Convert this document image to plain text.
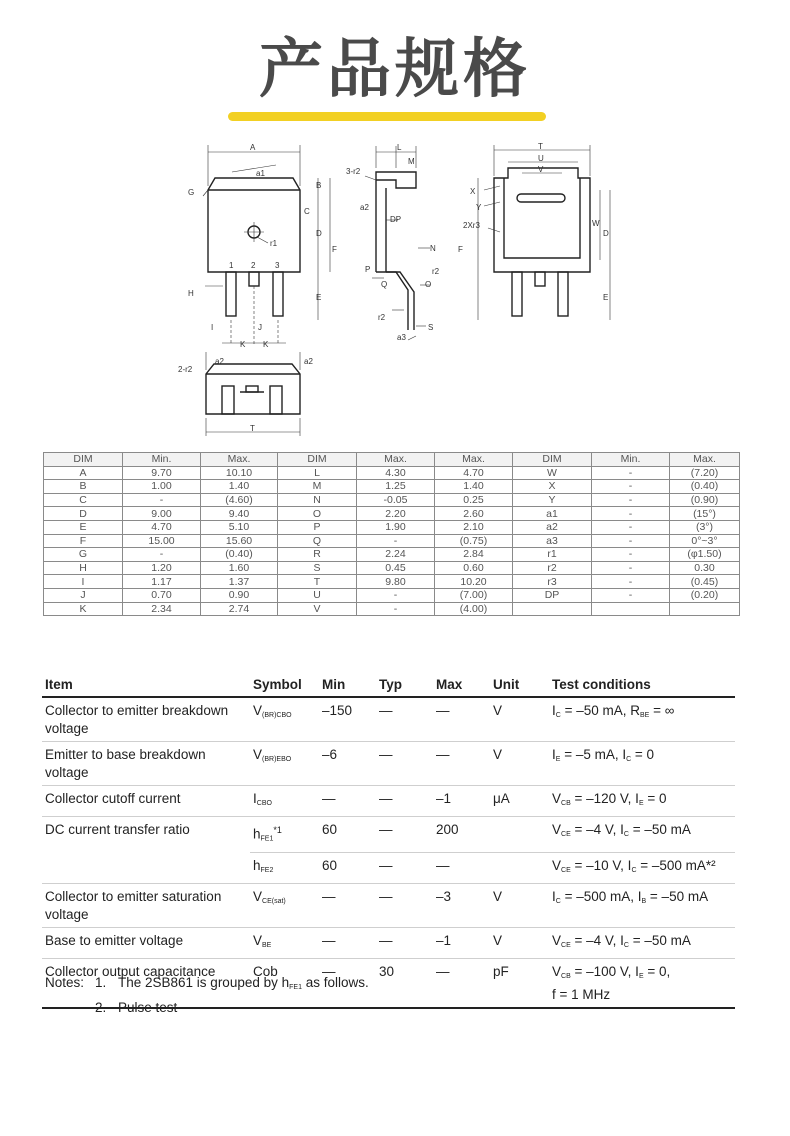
产品规格
A
a1
G
B
C
D
F
r1
1 2 3
H	E
I	J
K K
L
M
3-r2
a2
DP
N
P
Q
r2
O
r2
S
a3
T
U
V
X
Y
2Xr3	W
D
F
E
2-r2
a2	a2
T
DIM	Min.	Max.	DIM	Max.	Max.	DIM	Min.	Max.
A	9.70	10.10	L	4.30	4.70	W	-	(7.20)
B	1.00	1.40	M	1.25	1.40	X	-	(0.40)
C	-	(4.60)	N	-0.05	0.25	Y	-	(0.90)
D	9.00	9.40	O	2.20	2.60	a1	-	(15°)
E	4.70	5.10	P	1.90	2.10	a2	-	(3°)
F	15.00	15.60	Q	-	(0.75)	a3	-	0°~3°
G	-	(0.40)	R	2.24	2.84	r1	-	(φ1.50)
H	1.20	1.60	S	0.45	0.60	r2	-	0.30
I	1.17	1.37	T	9.80	10.20	r3	-	(0.45)
J	0.70	0.90	U	-	(7.00)	DP	-	(0.20)
K	2.34	2.74	V	-	(4.00)			
Item	Symbol	Min	Typ	Max	Unit	Test conditions
Collector to emitter breakdown voltage	$V_{(BR)CBO}$	–150	—	—	V	$I_C = -50$ mA, $R_{BE}$ = ∞

Emitter to base breakdown voltage	$V_{(BR)EBO}$	–6	—	—	V	$I_E = -5$ mA, $I_C = 0$

Collector cutoff current	$I_{CBO}$	—	—	–1	μA	$V_{CB} = -120$ V, $I_E = 0$

DC current transfer ratio	$h_{FE1}^{*1}$	60	—	200		$V_{CE} = -4$ V, $I_C = -50$ mA

	$h_{FE2}$	60	—	—		$V_{CE} = -10$ V, $I_C = -500$ mA*²

Collector to emitter saturation voltage	$V_{CE(sat)}$	—	—	–3	V	$I_C = -500$ mA, $I_B = -50$ mA

Base to emitter voltage	$V_{BE}$	—	—	–1	V	$V_{CE} = -4$ V, $I_C = -50$ mA

Collector output capacitance	Cob	—	30	—	pF	$V_{CB} = -100$ V, $I_E = 0$,
f = 1 MHz
Notes: 1. The 2SB861 is grouped by $h_{FE1}$ as follows.
2. Pulse test
